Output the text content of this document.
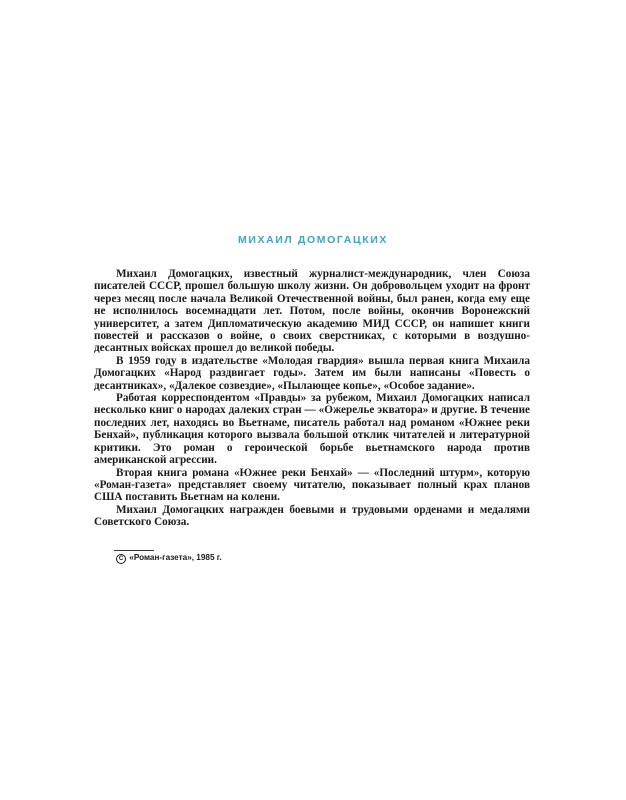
МИХАИЛ ДОМОГАЦКИХ

Михаил Домогацких, известный журналист-международник, член Союза писателей СССР, прошел большую школу жизни. Он добровольцем уходит на фронт через месяц после начала Великой Отечественной войны, был ранен, когда ему еще не исполнилось восемнадцати лет. Потом, после войны, окончив Воронежский университет, а затем Дипломатическую академию МИД СССР, он напишет книги повестей и рассказов о войне, о своих сверстниках, с которыми в воздушно-десантных войсках прошел до великой победы.

В 1959 году в издательстве «Молодая гвардия» вышла первая книга Михаила Домогацких «Народ раздвигает годы». Затем им были написаны «Повесть о десантниках», «Далекое созвездие», «Пылающее копье», «Особое задание».

Работая корреспондентом «Правды» за рубежом, Михаил Домогацких написал несколько книг о народах далеких стран — «Ожерелье экватора» и другие. В течение последних лет, находясь во Вьетнаме, писатель работал над романом «Южнее реки Бенхай», публикация которого вызвала большой отклик читателей и литературной критики. Это роман о героической борьбе вьетнамского народа против американской агрессии.

Вторая книга романа «Южнее реки Бенхай» — «Последний штурм», которую «Роман-газета» представляет своему читателю, показывает полный крах планов США поставить Вьетнам на колени.

Михаил Домогацких награжден боевыми и трудовыми орденами и медалями Советского Союза.

C «Роман-газета», 1985 г.
